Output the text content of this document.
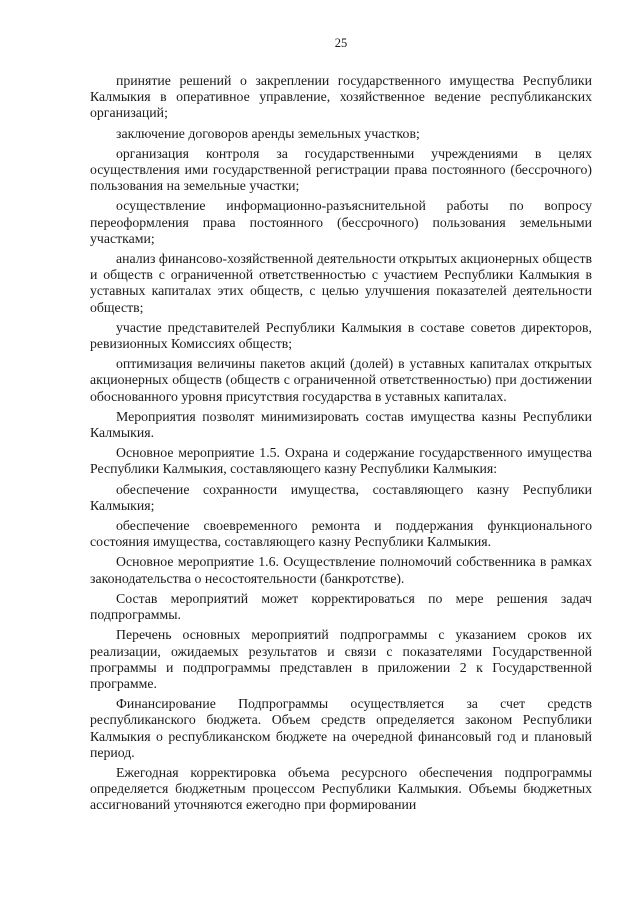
25

принятие решений о закреплении государственного имущества Республики Калмыкия в оперативное управление, хозяйственное ведение республиканских организаций;

заключение договоров аренды земельных участков;

организация контроля за государственными учреждениями в целях осуществления ими государственной регистрации права постоянного (бессрочного) пользования на земельные участки;

осуществление информационно-разъяснительной работы по вопросу переоформления права постоянного (бессрочного) пользования земельными участками;

анализ финансово-хозяйственной деятельности открытых акционерных обществ и обществ с ограниченной ответственностью с участием Республики Калмыкия в уставных капиталах этих обществ, с целью улучшения показателей деятельности обществ;

участие представителей Республики Калмыкия в составе советов директоров, ревизионных Комиссиях обществ;

оптимизация величины пакетов акций (долей) в уставных капиталах открытых акционерных обществ (обществ с ограниченной ответственностью) при достижении обоснованного уровня присутствия государства в уставных капиталах.

Мероприятия позволят минимизировать состав имущества казны Республики Калмыкия.

Основное мероприятие 1.5. Охрана и содержание государственного имущества Республики Калмыкия, составляющего казну Республики Калмыкия:

обеспечение сохранности имущества, составляющего казну Республики Калмыкия;

обеспечение своевременного ремонта и поддержания функционального состояния имущества, составляющего казну Республики Калмыкия.

Основное мероприятие 1.6. Осуществление полномочий собственника в рамках законодательства о несостоятельности (банкротстве).

Состав мероприятий может корректироваться по мере решения задач подпрограммы.

Перечень основных мероприятий подпрограммы с указанием сроков их реализации, ожидаемых результатов и связи с показателями Государственной программы и подпрограммы представлен в приложении 2 к Государственной программе.

Финансирование Подпрограммы осуществляется за счет средств республиканского бюджета. Объем средств определяется законом Республики Калмыкия о республиканском бюджете на очередной финансовый год и плановый период.

Ежегодная корректировка объема ресурсного обеспечения подпрограммы определяется бюджетным процессом Республики Калмыкия. Объемы бюджетных ассигнований уточняются ежегодно при формировании
